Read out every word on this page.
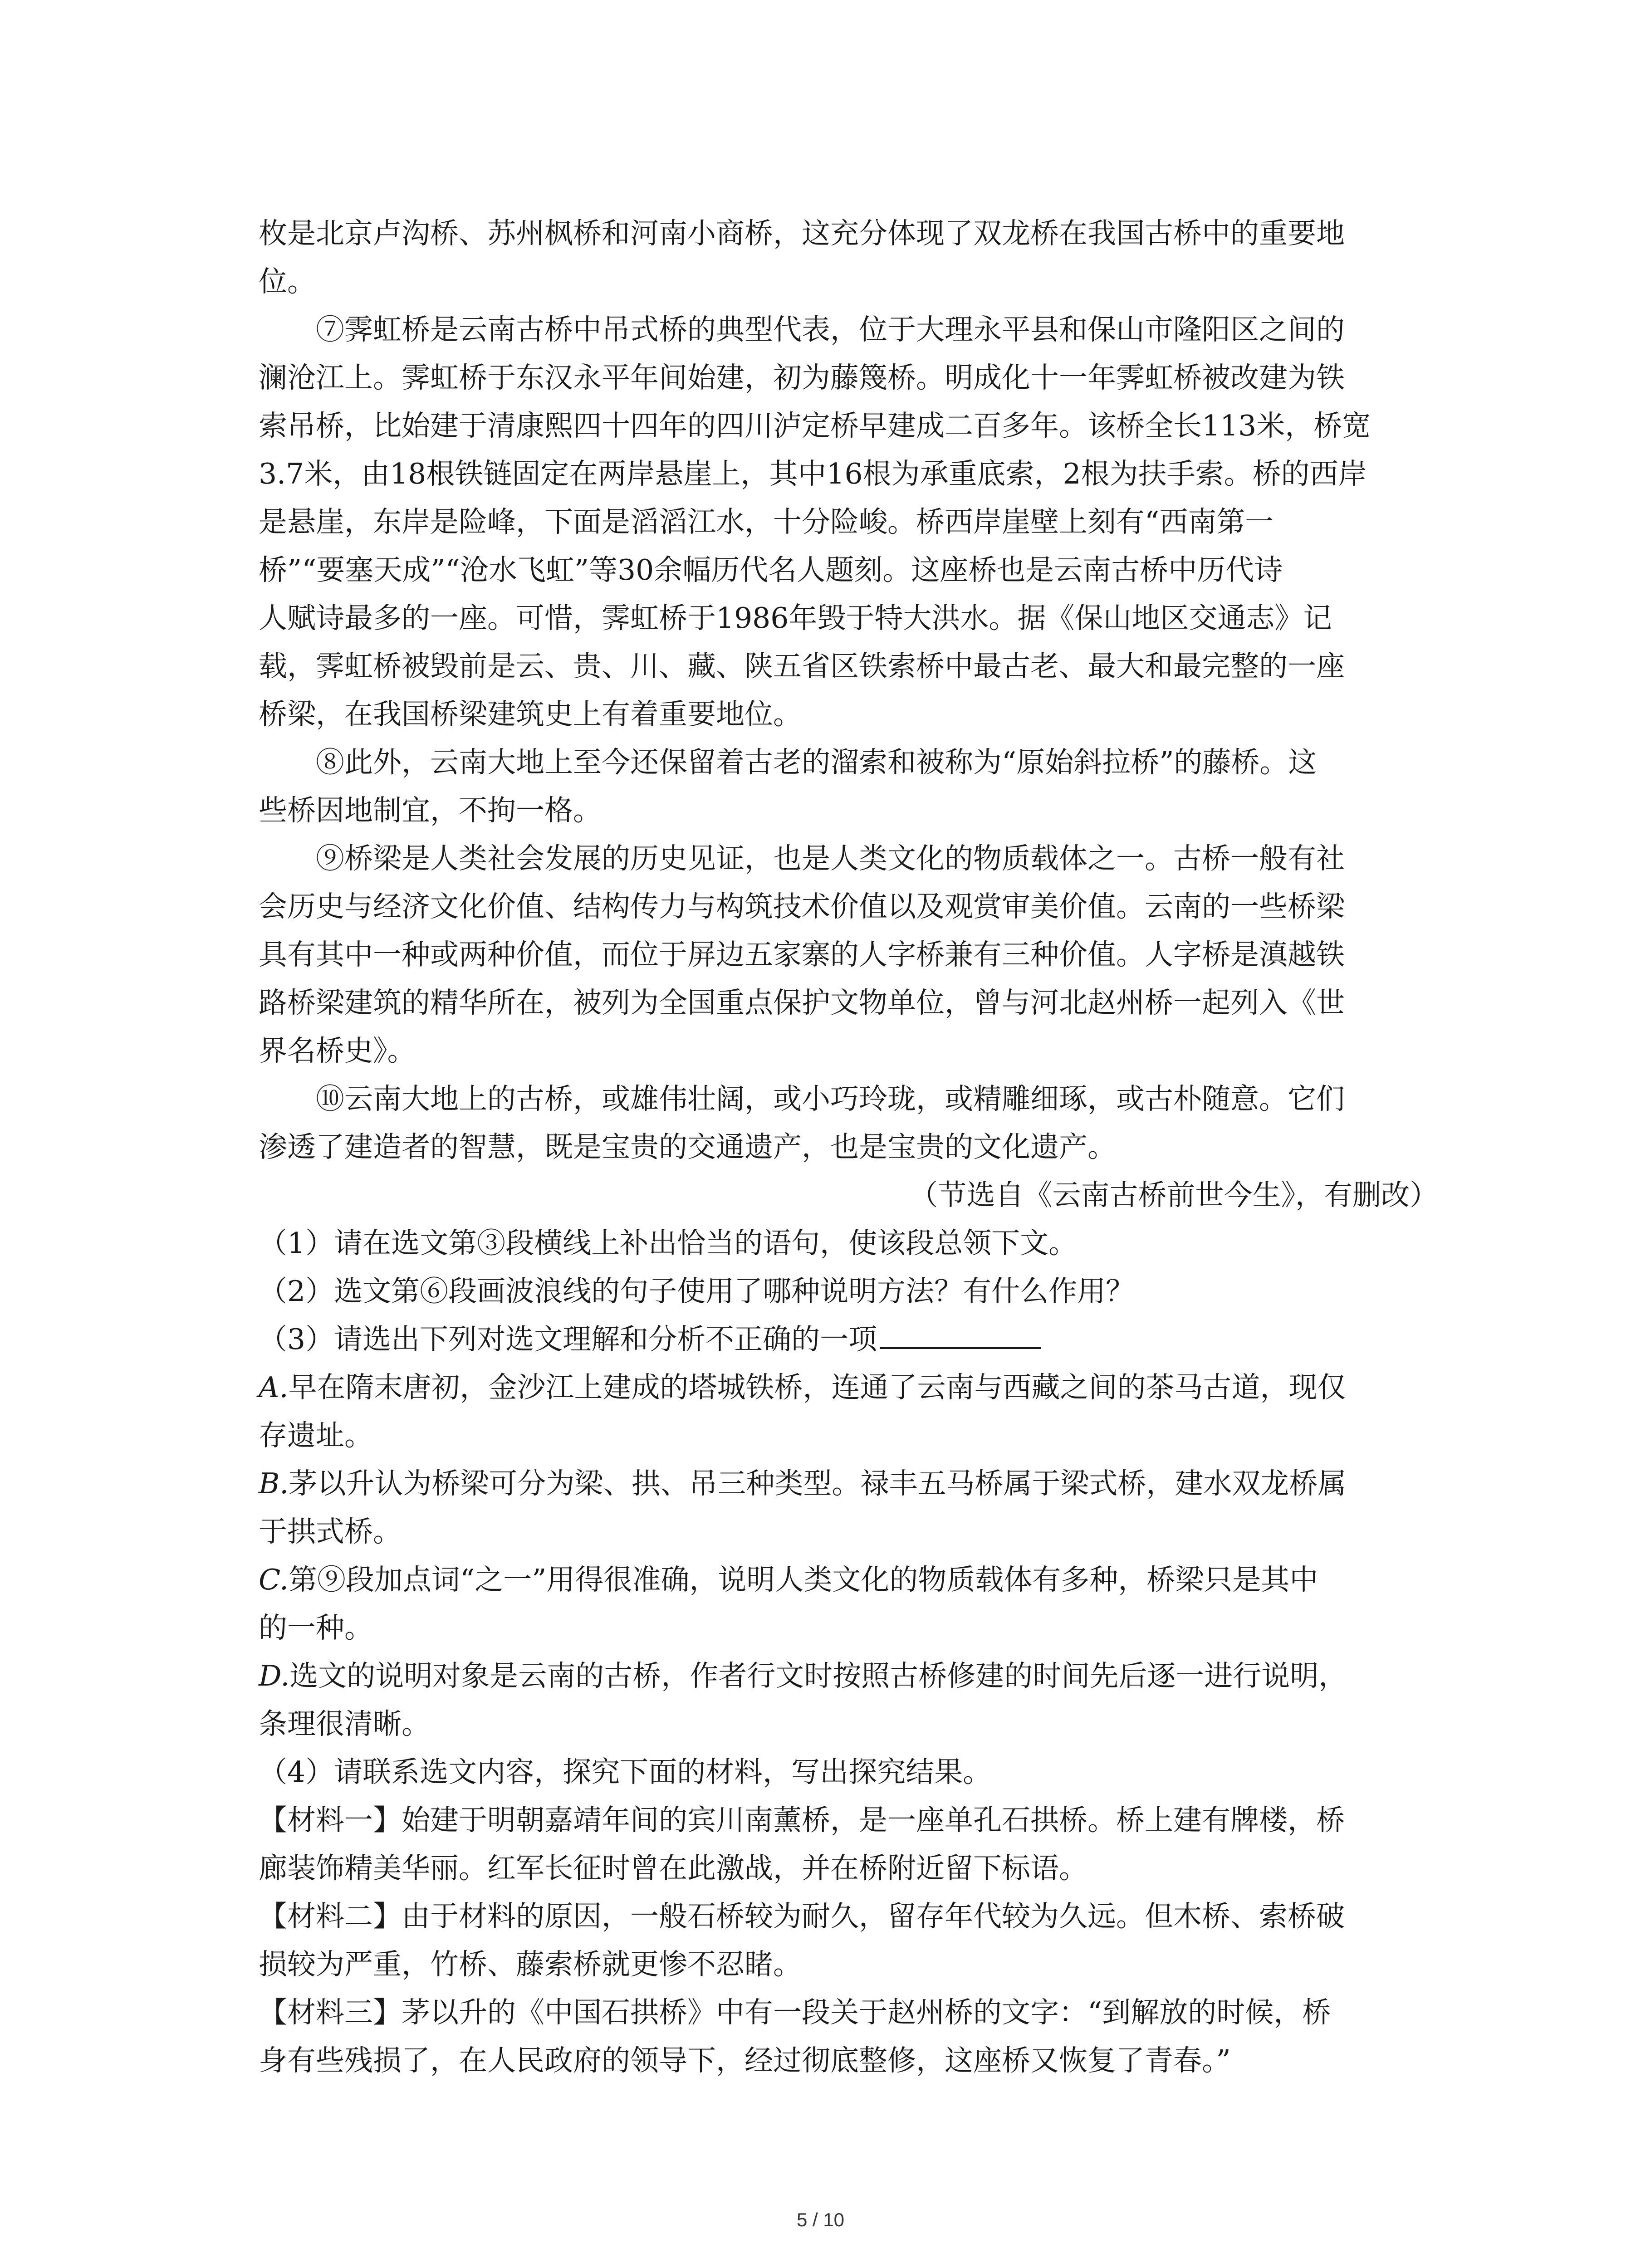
枚是北京卢沟桥、苏州枫桥和河南小商桥，这充分体现了双龙桥在我国古桥中的重要地
位。
⑦霁虹桥是云南古桥中吊式桥的典型代表，位于大理永平县和保山市隆阳区之间的
澜沧江上。霁虹桥于东汉永平年间始建，初为藤篾桥。明成化十一年霁虹桥被改建为铁
索吊桥，比始建于清康熙四十四年的四川泸定桥早建成二百多年。该桥全长113米，桥宽
3.7米，由18根铁链固定在两岸悬崖上，其中16根为承重底索，2根为扶手索。桥的西岸
是悬崖，东岸是险峰，下面是滔滔江水，十分险峻。桥西岸崖壁上刻有“西南第一
桥”“要塞天成”“沧水飞虹”等30余幅历代名人题刻。这座桥也是云南古桥中历代诗
人赋诗最多的一座。可惜，霁虹桥于1986年毁于特大洪水。据《保山地区交通志》记
载，霁虹桥被毁前是云、贵、川、藏、陕五省区铁索桥中最古老、最大和最完整的一座
桥梁，在我国桥梁建筑史上有着重要地位。
⑧此外，云南大地上至今还保留着古老的溜索和被称为“原始斜拉桥”的藤桥。这
些桥因地制宜，不拘一格。
⑨桥梁是人类社会发展的历史见证，也是人类文化的物质载体之一。古桥一般有社
会历史与经济文化价值、结构传力与构筑技术价值以及观赏审美价值。云南的一些桥梁
具有其中一种或两种价值，而位于屏边五家寨的人字桥兼有三种价值。人字桥是滇越铁
路桥梁建筑的精华所在，被列为全国重点保护文物单位，曾与河北赵州桥一起列入《世
界名桥史》。
⑩云南大地上的古桥，或雄伟壮阔，或小巧玲珑，或精雕细琢，或古朴随意。它们
渗透了建造者的智慧，既是宝贵的交通遗产，也是宝贵的文化遗产。
（节选自《云南古桥前世今生》，有删改）
（1）请在选文第③段横线上补出恰当的语句，使该段总领下文。
（2）选文第⑥段画波浪线的句子使用了哪种说明方法？有什么作用？
（3）请选出下列对选文理解和分析不正确的一项
A.早在隋末唐初，金沙江上建成的塔城铁桥，连通了云南与西藏之间的茶马古道，现仅
存遗址。
B.茅以升认为桥梁可分为梁、拱、吊三种类型。禄丰五马桥属于梁式桥，建水双龙桥属
于拱式桥。
C.第⑨段加点词“之一”用得很准确，说明人类文化的物质载体有多种，桥梁只是其中
的一种。
D.选文的说明对象是云南的古桥，作者行文时按照古桥修建的时间先后逐一进行说明，
条理很清晰。
（4）请联系选文内容，探究下面的材料，写出探究结果。
【材料一】始建于明朝嘉靖年间的宾川南薰桥，是一座单孔石拱桥。桥上建有牌楼，桥
廊装饰精美华丽。红军长征时曾在此激战，并在桥附近留下标语。
【材料二】由于材料的原因，一般石桥较为耐久，留存年代较为久远。但木桥、索桥破
损较为严重，竹桥、藤索桥就更惨不忍睹。
【材料三】茅以升的《中国石拱桥》中有一段关于赵州桥的文字：“到解放的时候，桥
身有些残损了，在人民政府的领导下，经过彻底整修，这座桥又恢复了青春。”
5 / 10
